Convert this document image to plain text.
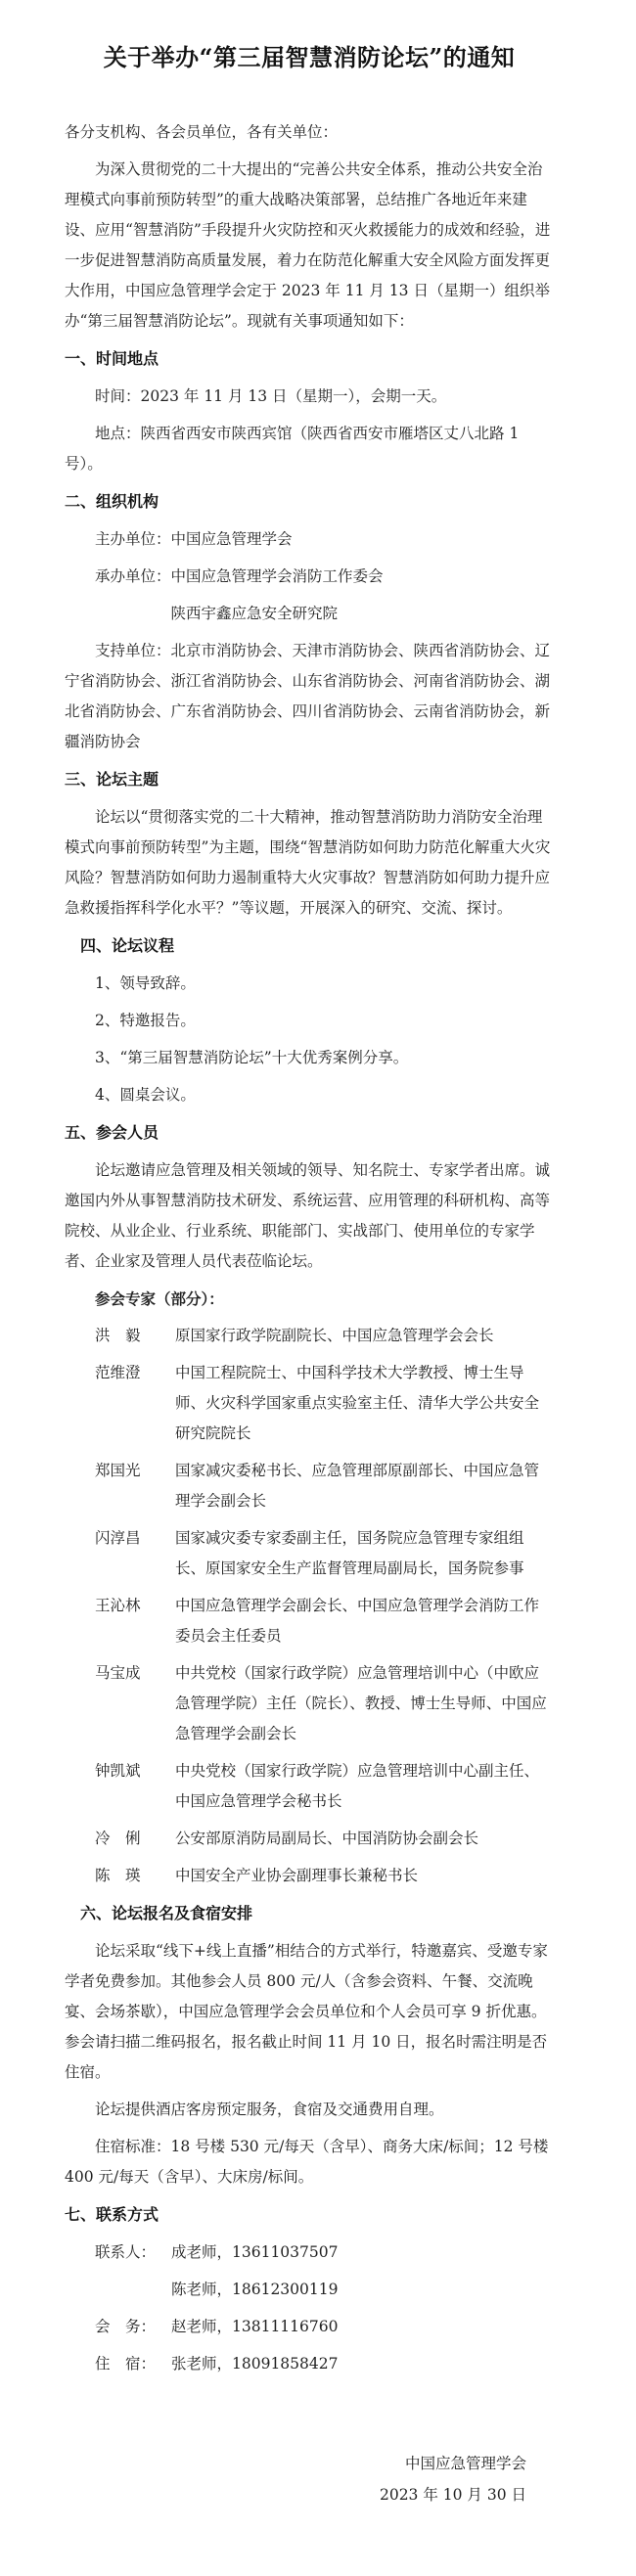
关于举办“第三届智慧消防论坛”的通知

各分支机构、各会员单位，各有关单位：

为深入贯彻党的二十大提出的“完善公共安全体系，推动公共安全治理模式向事前预防转型”的重大战略决策部署，总结推广各地近年来建设、应用“智慧消防”手段提升火灾防控和灭火救援能力的成效和经验，进一步促进智慧消防高质量发展，着力在防范化解重大安全风险方面发挥更大作用，中国应急管理学会定于 2023 年 11 月 13 日（星期一）组织举办“第三届智慧消防论坛”。现就有关事项通知如下：

一、时间地点
时间： 2023 年 11 月 13 日（星期一），会期一天。

地点：陕西省西安市陕西宾馆（陕西省西安市雁塔区丈八北路 1 号）。

二、组织机构
主办单位： 中国应急管理学会
承办单位： 中国应急管理学会消防工作委会
陕西宇鑫应急安全研究院

支持单位：北京市消防协会、天津市消防协会、陕西省消防协会、辽宁省消防协会、浙江省消防协会、山东省消防协会、河南省消防协会、湖北省消防协会、广东省消防协会、四川省消防协会、云南省消防协会，新疆消防协会

三、论坛主题

论坛以“贯彻落实党的二十大精神，推动智慧消防助力消防安全治理模式向事前预防转型”为主题，围绕“智慧消防如何助力防范化解重大火灾风险？智慧消防如何助力遏制重特大火灾事故？智慧消防如何助力提升应急救援指挥科学化水平？”等议题，开展深入的研究、交流、探讨。

四、论坛议程

1、领导致辞。

2、特邀报告。

3、“第三届智慧消防论坛”十大优秀案例分享。

4、圆桌会议。

五、参会人员

论坛邀请应急管理及相关领域的领导、知名院士、专家学者出席。诚邀国内外从事智慧消防技术研发、系统运营、应用管理的科研机构、高等院校、从业企业、行业系统、职能部门、实战部门、使用单位的专家学者、企业家及管理人员代表莅临论坛。

参会专家（部分）：

洪　毅	原国家行政学院副院长、中国应急管理学会会长
范维澄	中国工程院院士、中国科学技术大学教授、博士生导师、火灾科学国家重点实验室主任、清华大学公共安全研究院院长
郑国光	国家减灾委秘书长、应急管理部原副部长、中国应急管理学会副会长
闪淳昌	国家减灾委专家委副主任，国务院应急管理专家组组长、原国家安全生产监督管理局副局长，国务院参事
王沁林	中国应急管理学会副会长、中国应急管理学会消防工作委员会主任委员
马宝成	中共党校（国家行政学院）应急管理培训中心（中欧应急管理学院）主任（院长）、教授、博士生导师、中国应急管理学会副会长
钟凯斌	中央党校（国家行政学院）应急管理培训中心副主任、中国应急管理学会秘书长
冷　俐	公安部原消防局副局长、中国消防协会副会长
陈　瑛	中国安全产业协会副理事长兼秘书长
六、论坛报名及食宿安排

论坛采取“线下+线上直播”相结合的方式举行，特邀嘉宾、受邀专家学者免费参加。其他参会人员 800 元/人（含参会资料、午餐、交流晚宴、会场茶歇），中国应急管理学会会员单位和个人会员可享 9 折优惠。参会请扫描二维码报名，报名截止时间 11 月 10 日，报名时需注明是否住宿。

论坛提供酒店客房预定服务，食宿及交通费用自理。

住宿标准：18 号楼 530 元/每天（含早）、商务大床/标间；12 号楼 400 元/每天（含早）、大床房/标间。

七、联系方式
联系人：	成老师，13611037507
陈老师，18612300119
会　务：	赵老师，13811116760
住　宿：	张老师，18091858427
中国应急管理学会
2023 年 10 月 30 日
